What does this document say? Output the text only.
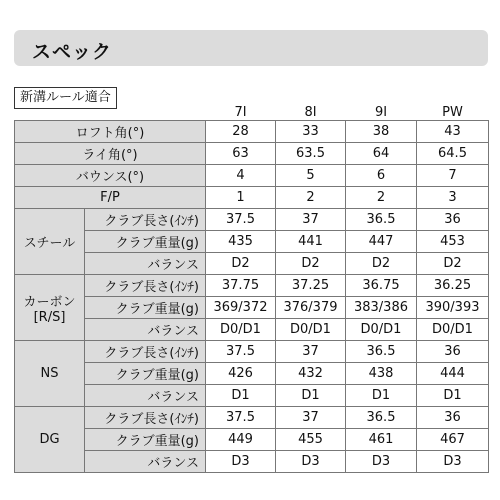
スペック
		7I	8I	9I	PW
ロフト角(°)		28	33	38	43
ライ角(°)		63	63.5	64	64.5
バウンス(°)		4	5	6	7
F/P		1	2	2	3
スチール	クラブ長さ(ｲﾝﾁ)	37.5	37	36.5	36
	クラブ重量(g)	435	441	447	453
	バランス	D2	D2	D2	D2
カーボン
[R/S]	クラブ長さ(ｲﾝﾁ)	37.75	37.25	36.75	36.25
	クラブ重量(g)	369/372	376/379	383/386	390/393
	バランス	D0/D1	D0/D1	D0/D1	D0/D1
NS	クラブ長さ(ｲﾝﾁ)	37.5	37	36.5	36
	クラブ重量(g)	426	432	438	444
	バランス	D1	D1	D1	D1
DG	クラブ長さ(ｲﾝﾁ)	37.5	37	36.5	36
	クラブ重量(g)	449	455	461	467
	バランス	D3	D3	D3	D3
新溝ルール適合
